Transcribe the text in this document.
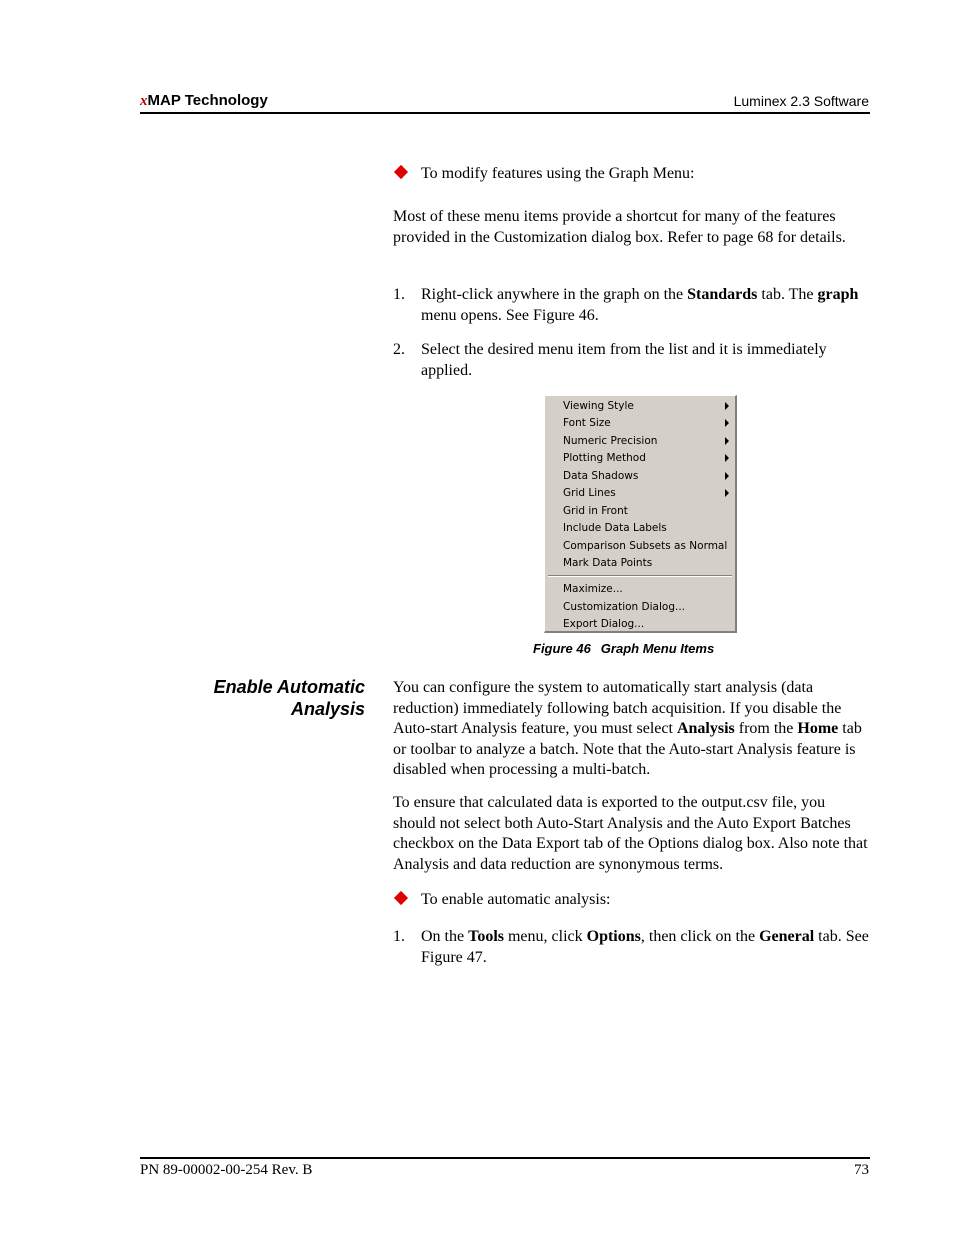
xMAP Technology	Luminex 2.3 Software
To modify features using the Graph Menu:
Most of these menu items provide a shortcut for many of the features provided in the Customization dialog box. Refer to page 68 for details.
1.	Right-click anywhere in the graph on the Standards tab. The graph menu opens. See Figure 46.
2.	Select the desired menu item from the list and it is immediately applied.
Viewing Style
Font Size
Numeric Precision
Plotting Method
Data Shadows
Grid Lines
Grid in Front
Include Data Labels
Comparison Subsets as Normal
Mark Data Points
Maximize...
Customization Dialog...
Export Dialog...
Figure 46 Graph Menu Items
Enable Automatic
Analysis
You can configure the system to automatically start analysis (data reduction) immediately following batch acquisition. If you disable the Auto-start Analysis feature, you must select Analysis from the Home tab or toolbar to analyze a batch. Note that the Auto-start Analysis feature is disabled when processing a multi-batch.
To ensure that calculated data is exported to the output.csv file, you should not select both Auto-Start Analysis and the Auto Export Batches checkbox on the Data Export tab of the Options dialog box. Also note that Analysis and data reduction are synonymous terms.
To enable automatic analysis:
1.	On the Tools menu, click Options, then click on the General tab. See Figure 47.
PN 89-00002-00-254 Rev. B	73
